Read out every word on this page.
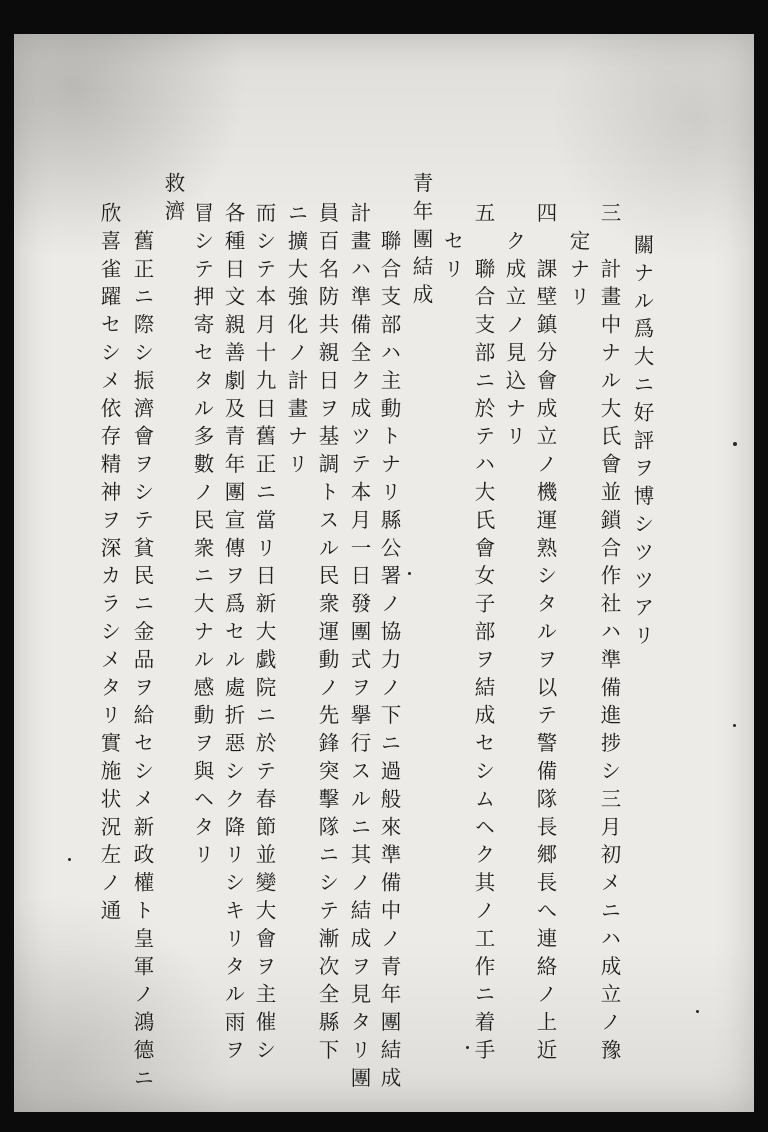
關ナル爲大ニ好評ヲ博シツツアリ
三　計畫中ナル大氏會並鎖合作社ハ準備進捗シ三月初メニハ成立ノ豫
　定ナリ
四　課壁鎮分會成立ノ機運熟シタルヲ以テ警備隊長郷長へ連絡ノ上近
　ク成立ノ見込ナリ
五　聯合支部ニ於テハ大氏會女子部ヲ結成セシムヘク其ノ工作ニ着手
　セリ
青年團結成
　聯合支部ハ主動トナリ縣公署ノ協力ノ下ニ過般來準備中ノ青年團結成
計畫ハ準備全ク成ツテ本月一日發團式ヲ擧行スルニ其ノ結成ヲ見タリ團
員百名防共親日ヲ基調トスル民衆運動ノ先鋒突擊隊ニシテ漸次全縣下
ニ擴大強化ノ計畫ナリ
而シテ本月十九日舊正ニ當リ日新大戯院ニ於テ春節並變大會ヲ主催シ
各種日文親善劇及青年團宣傳ヲ爲セル處折惡シク降リシキリタル雨ヲ
冒シテ押寄セタル多數ノ民衆ニ大ナル感動ヲ與ヘタリ
救濟
　舊正ニ際シ振濟會ヲシテ貧民ニ金品ヲ給セシメ新政權ト皇軍ノ鴻德ニ
欣喜雀躍セシメ依存精神ヲ深カラシメタリ實施状況左ノ通
